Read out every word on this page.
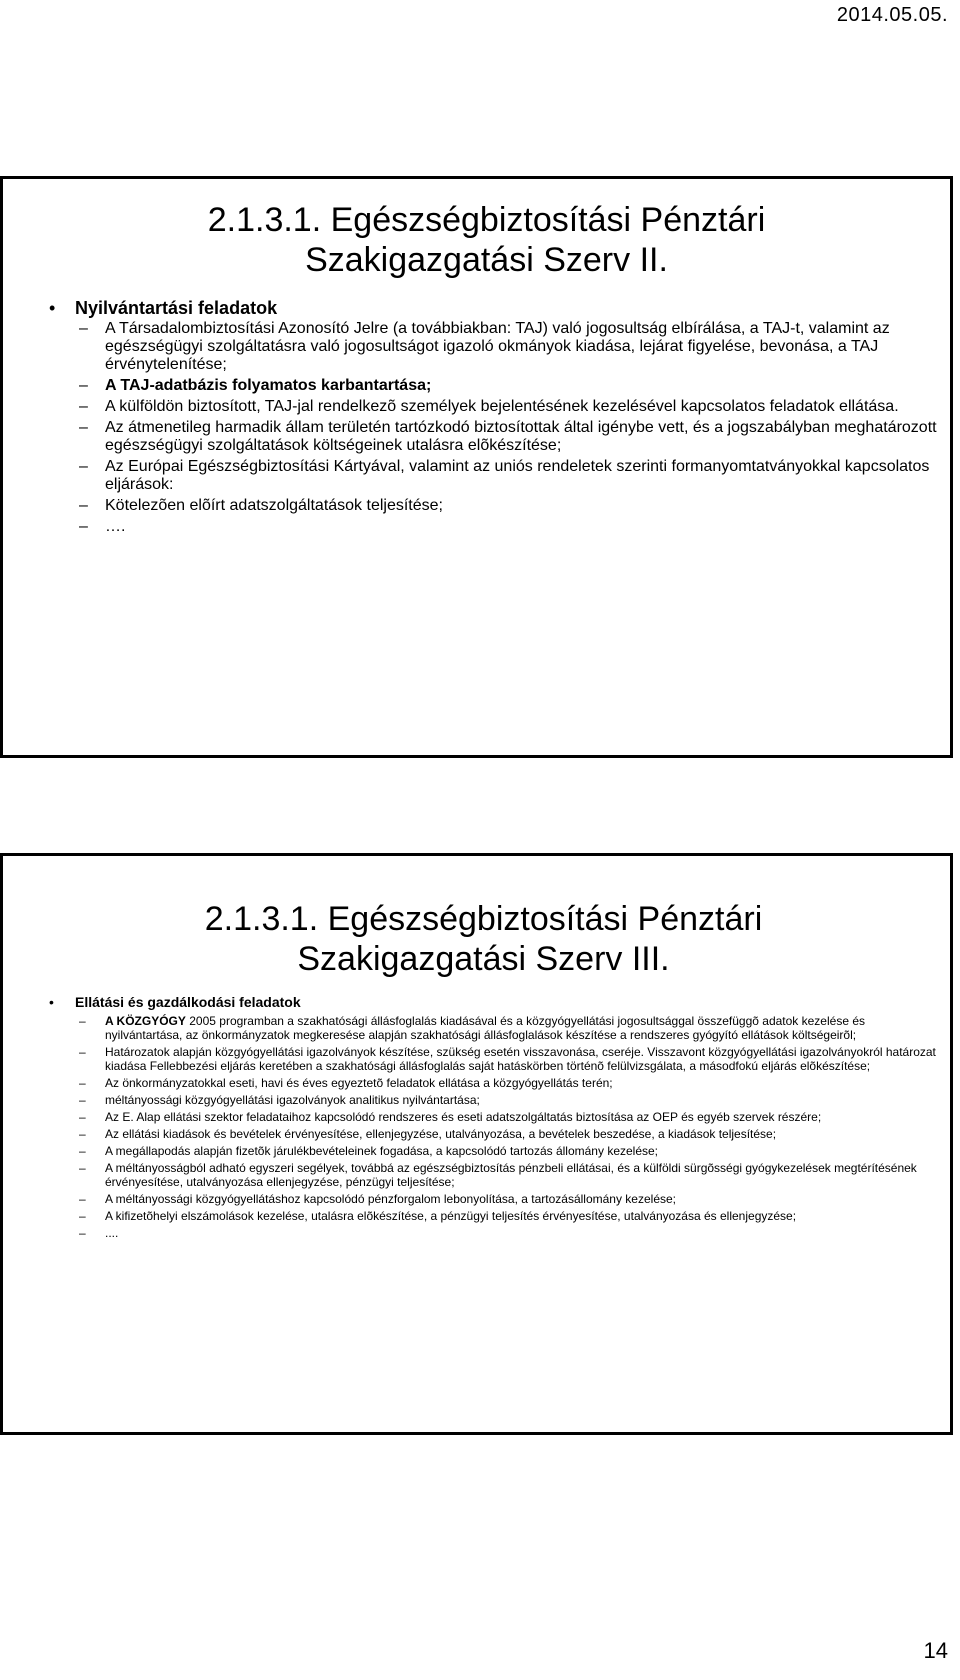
2014.05.05.
2.1.3.1. Egészségbiztosítási Pénztári
Szakigazgatási Szerv II.
• Nyilvántartási feladatok
– A Társadalombiztosítási Azonosító Jelre (a továbbiakban: TAJ) való jogosultság elbírálása, a TAJ-t, valamint az egészségügyi szolgáltatásra való jogosultságot igazoló okmányok kiadása, lejárat figyelése, bevonása, a TAJ érvénytelenítése;
– A TAJ-adatbázis folyamatos karbantartása;
– A külföldön biztosított, TAJ-jal rendelkezõ személyek bejelentésének kezelésével kapcsolatos feladatok ellátása.
– Az átmenetileg harmadik állam területén tartózkodó biztosítottak által igénybe vett, és a jogszabályban meghatározott egészségügyi szolgáltatások költségeinek utalásra elõkészítése;
– Az Európai Egészségbiztosítási Kártyával, valamint az uniós rendeletek szerinti formanyomtatványokkal kapcsolatos eljárások:
– Kötelezõen elõírt adatszolgáltatások teljesítése;
– ….
2.1.3.1. Egészségbiztosítási Pénztári
Szakigazgatási Szerv III.
• Ellátási és gazdálkodási feladatok
– A KÖZGYÓGY 2005 programban a szakhatósági állásfoglalás kiadásával és a közgyógyellátási jogosultsággal összefüggõ adatok kezelése és nyilvántartása, az önkormányzatok megkeresése alapján szakhatósági állásfoglalások készítése a rendszeres gyógyító ellátások költségeirõl;
– Határozatok alapján közgyógyellátási igazolványok készítése, szükség esetén visszavonása, cseréje. Visszavont közgyógyellátási igazolványokról határozat kiadása Fellebbezési eljárás keretében a szakhatósági állásfoglalás saját hatáskörben történõ felülvizsgálata, a másodfokú eljárás elõkészítése;
– Az önkormányzatokkal eseti, havi és éves egyeztetõ feladatok ellátása a közgyógyellátás terén;
– méltányossági közgyógyellátási igazolványok analitikus nyilvántartása;
– Az E. Alap ellátási szektor feladataihoz kapcsolódó rendszeres és eseti adatszolgáltatás biztosítása az OEP és egyéb szervek részére;
– Az ellátási kiadások és bevételek érvényesítése, ellenjegyzése, utalványozása, a bevételek beszedése, a kiadások teljesítése;
– A megállapodás alapján fizetõk járulékbevételeinek fogadása, a kapcsolódó tartozás állomány kezelése;
– A méltányosságból adható egyszeri segélyek, továbbá az egészségbiztosítás pénzbeli ellátásai, és a külföldi sürgõsségi gyógykezelések megtérítésének érvényesítése, utalványozása ellenjegyzése, pénzügyi teljesítése;
– A méltányossági közgyógyellátáshoz kapcsolódó pénzforgalom lebonyolítása, a tartozásállomány kezelése;
– A kifizetõhelyi elszámolások kezelése, utalásra elõkészítése, a pénzügyi teljesítés érvényesítése, utalványozása és ellenjegyzése;
– ....
14
